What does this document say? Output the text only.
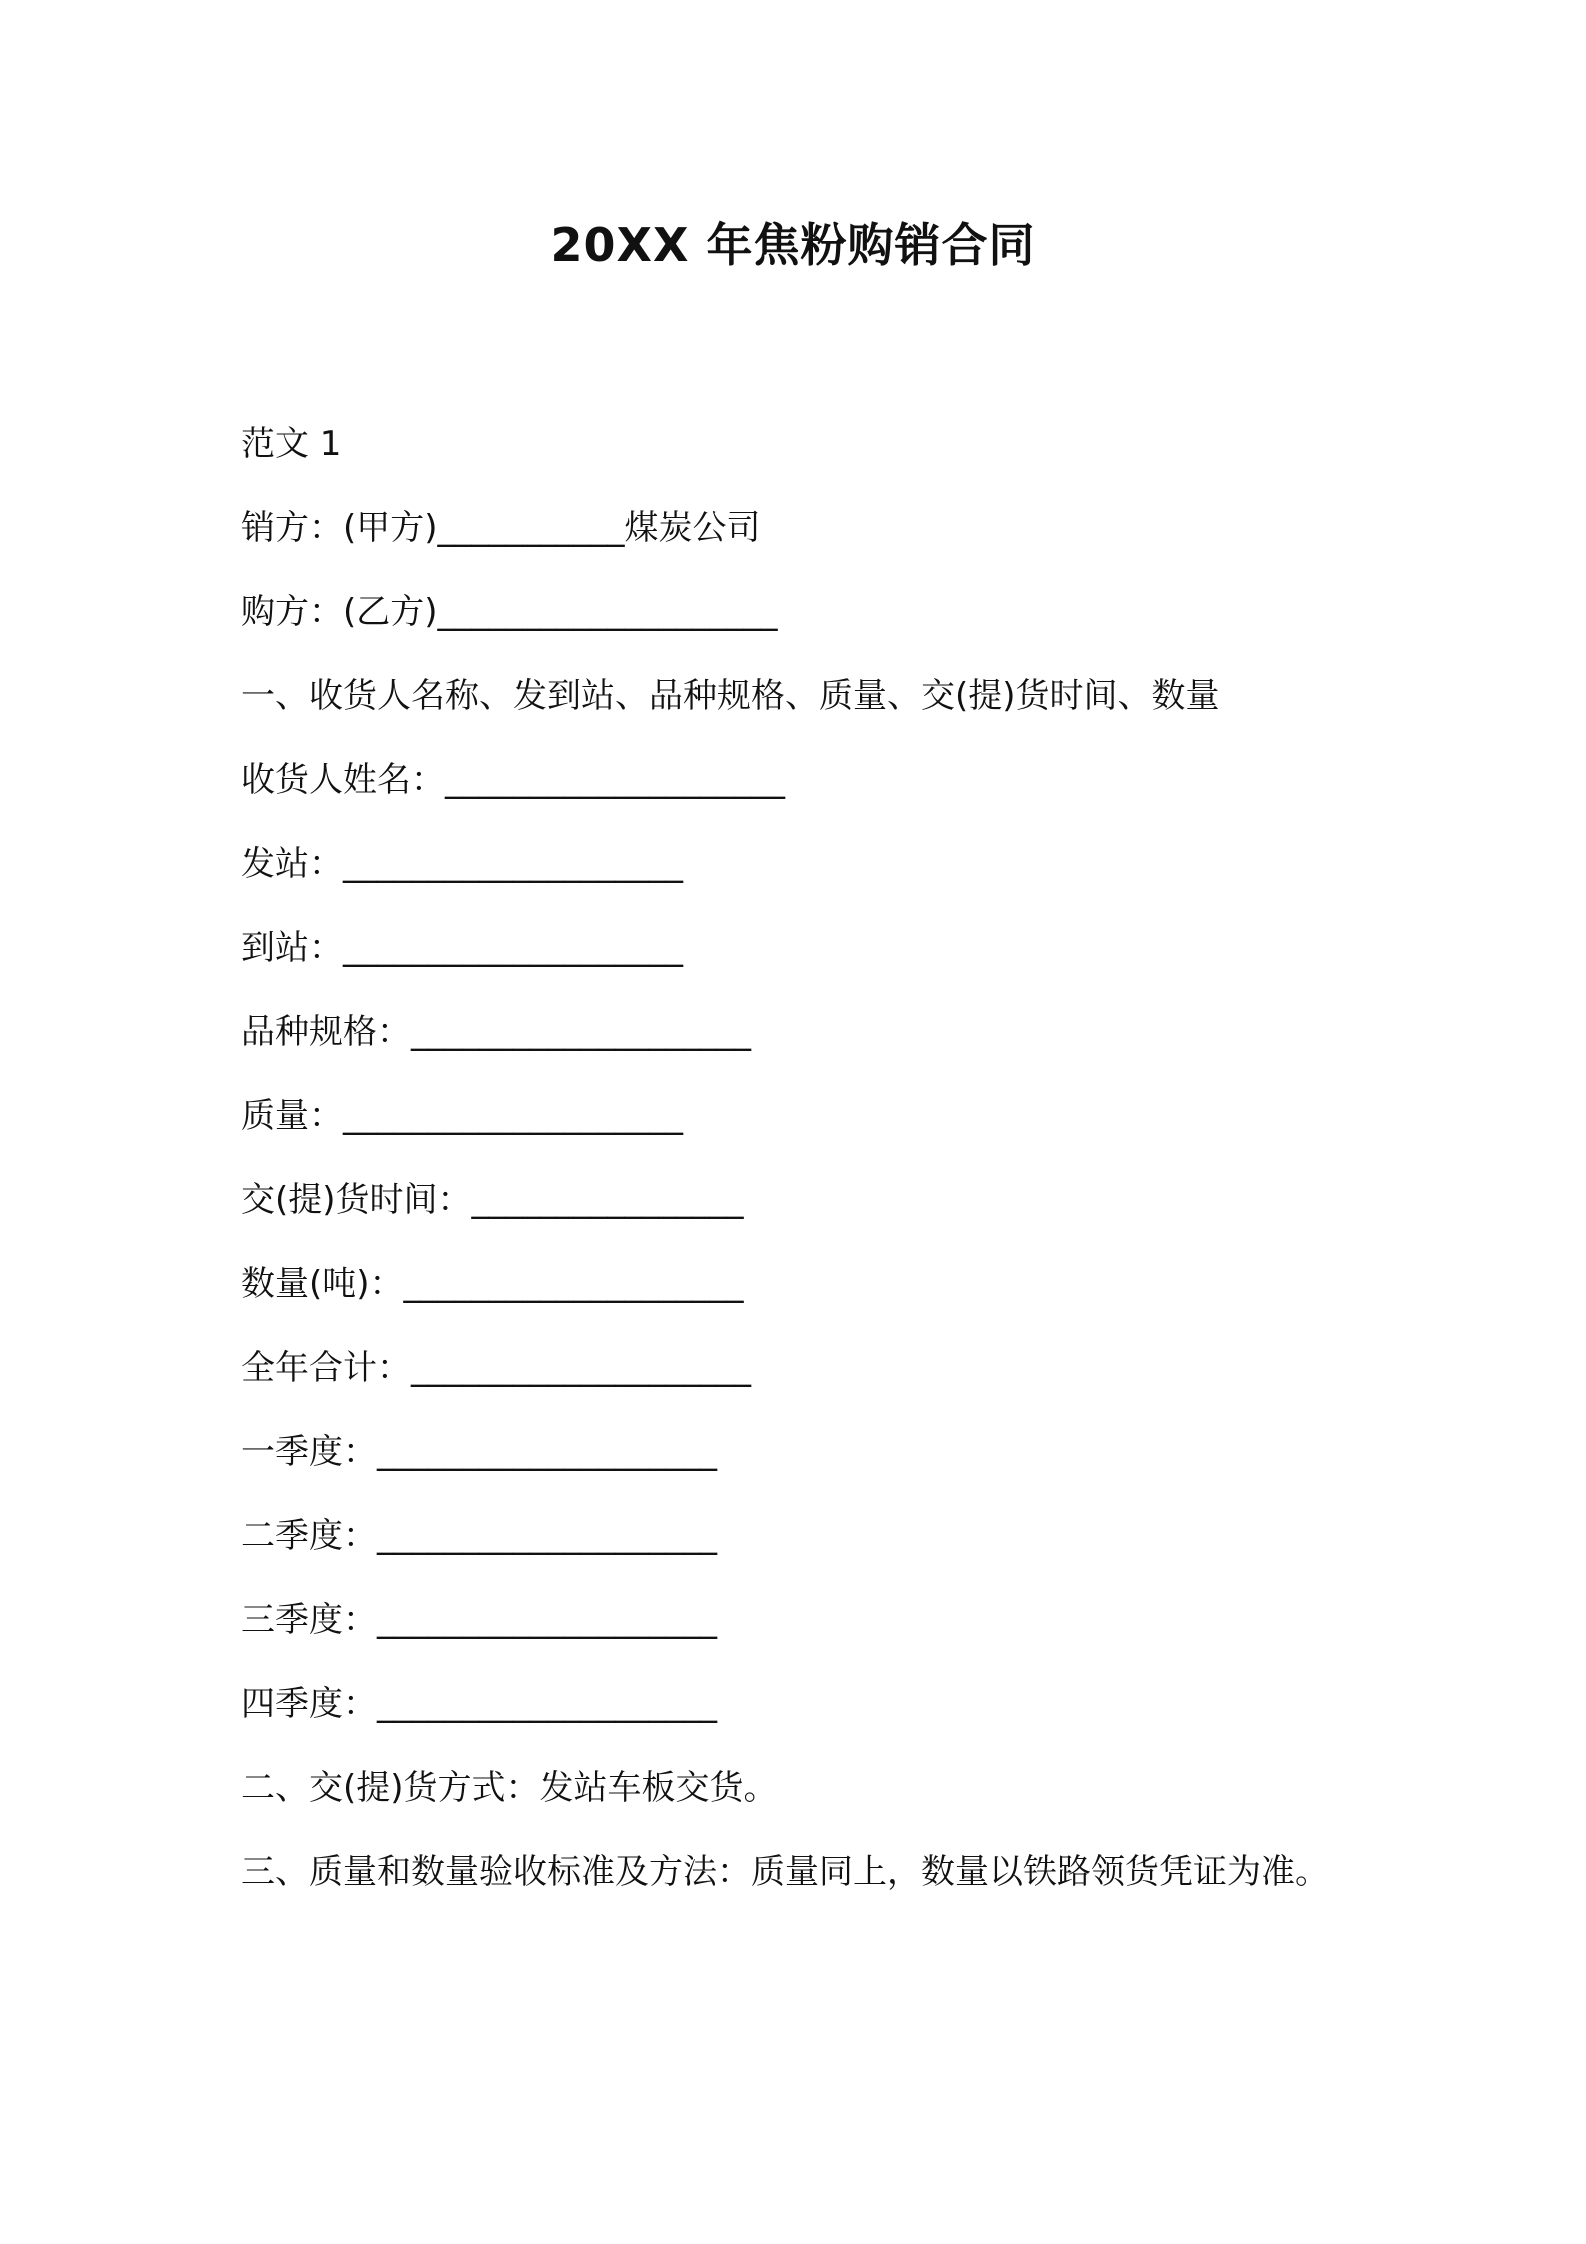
20XX 年焦粉购销合同
范文 1
销方：(甲方)___________煤炭公司
购方：(乙方)____________________
一、收货人名称、发到站、品种规格、质量、交(提)货时间、数量
收货人姓名：____________________
发站：____________________
到站：____________________
品种规格：____________________
质量：____________________
交(提)货时间：________________
数量(吨)：____________________
全年合计：____________________
一季度：____________________
二季度：____________________
三季度：____________________
四季度：____________________
二、交(提)货方式：发站车板交货。
三、质量和数量验收标准及方法：质量同上，数量以铁路领货凭证为准。
